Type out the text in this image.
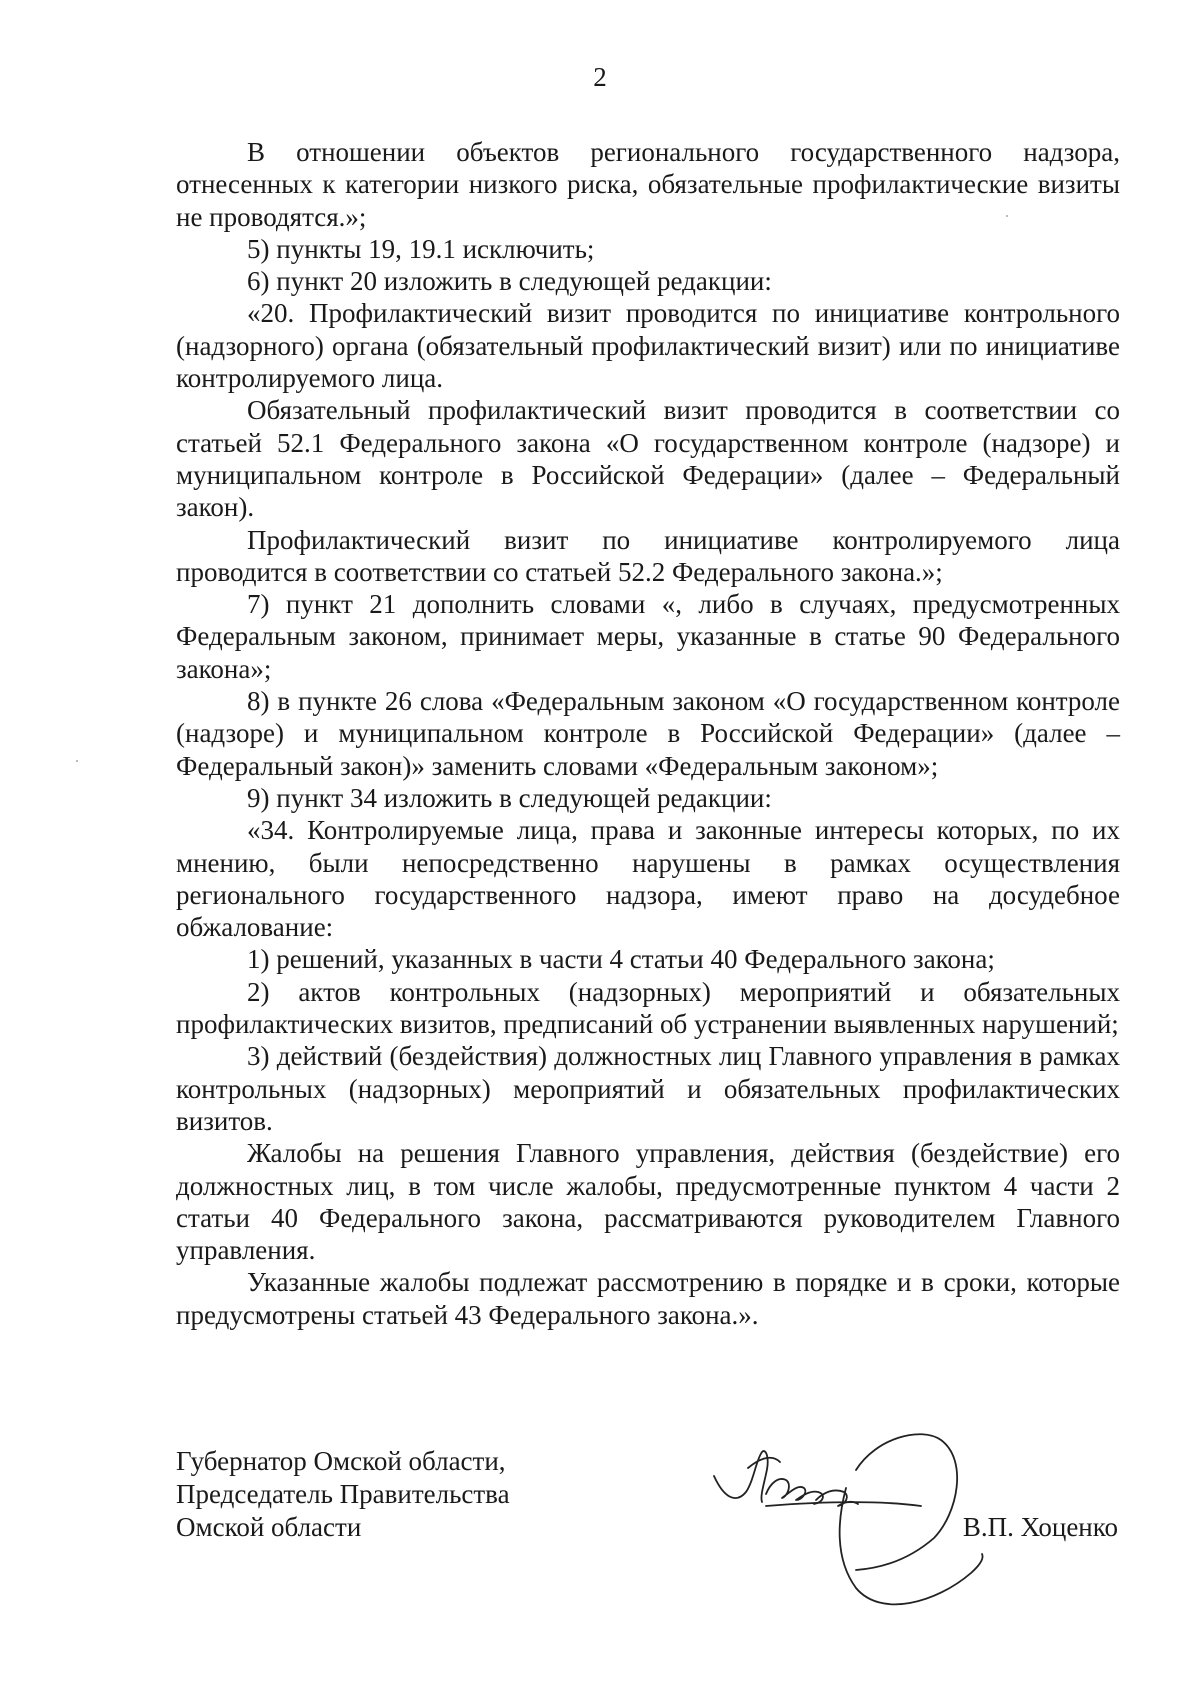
2

В отношении объектов регионального государственного надзора, отнесенных к категории низкого риска, обязательные профилактические визиты не проводятся.»;

5) пункты 19, 19.1 исключить;

6) пункт 20 изложить в следующей редакции:

«20. Профилактический визит проводится по инициативе контрольного (надзорного) органа (обязательный профилактический визит) или по инициативе контролируемого лица.

Обязательный профилактический визит проводится в соответствии со статьей 52.1 Федерального закона «О государственном контроле (надзоре) и муниципальном контроле в Российской Федерации» (далее – Федеральный закон).

Профилактический визит по инициативе контролируемого лица проводится в соответствии со статьей 52.2 Федерального закона.»;

7) пункт 21 дополнить словами «, либо в случаях, предусмотренных Федеральным законом, принимает меры, указанные в статье 90 Федерального закона»;

8) в пункте 26 слова «Федеральным законом «О государственном контроле (надзоре) и муниципальном контроле в Российской Федерации» (далее – Федеральный закон)» заменить словами «Федеральным законом»;

9) пункт 34 изложить в следующей редакции:

«34. Контролируемые лица, права и законные интересы которых, по их мнению, были непосредственно нарушены в рамках осуществления регионального государственного надзора, имеют право на досудебное обжалование:

1) решений, указанных в части 4 статьи 40 Федерального закона;

2) актов контрольных (надзорных) мероприятий и обязательных профилактических визитов, предписаний об устранении выявленных нарушений;

3) действий (бездействия) должностных лиц Главного управления в рамках контрольных (надзорных) мероприятий и обязательных профилактических визитов.

Жалобы на решения Главного управления, действия (бездействие) его должностных лиц, в том числе жалобы, предусмотренные пунктом 4 части 2 статьи 40 Федерального закона, рассматриваются руководителем Главного управления.

Указанные жалобы подлежат рассмотрению в порядке и в сроки, которые предусмотрены статьей 43 Федерального закона.».

Губернатор Омской области,
Председатель Правительства
Омской области	В.П. Хоценко
